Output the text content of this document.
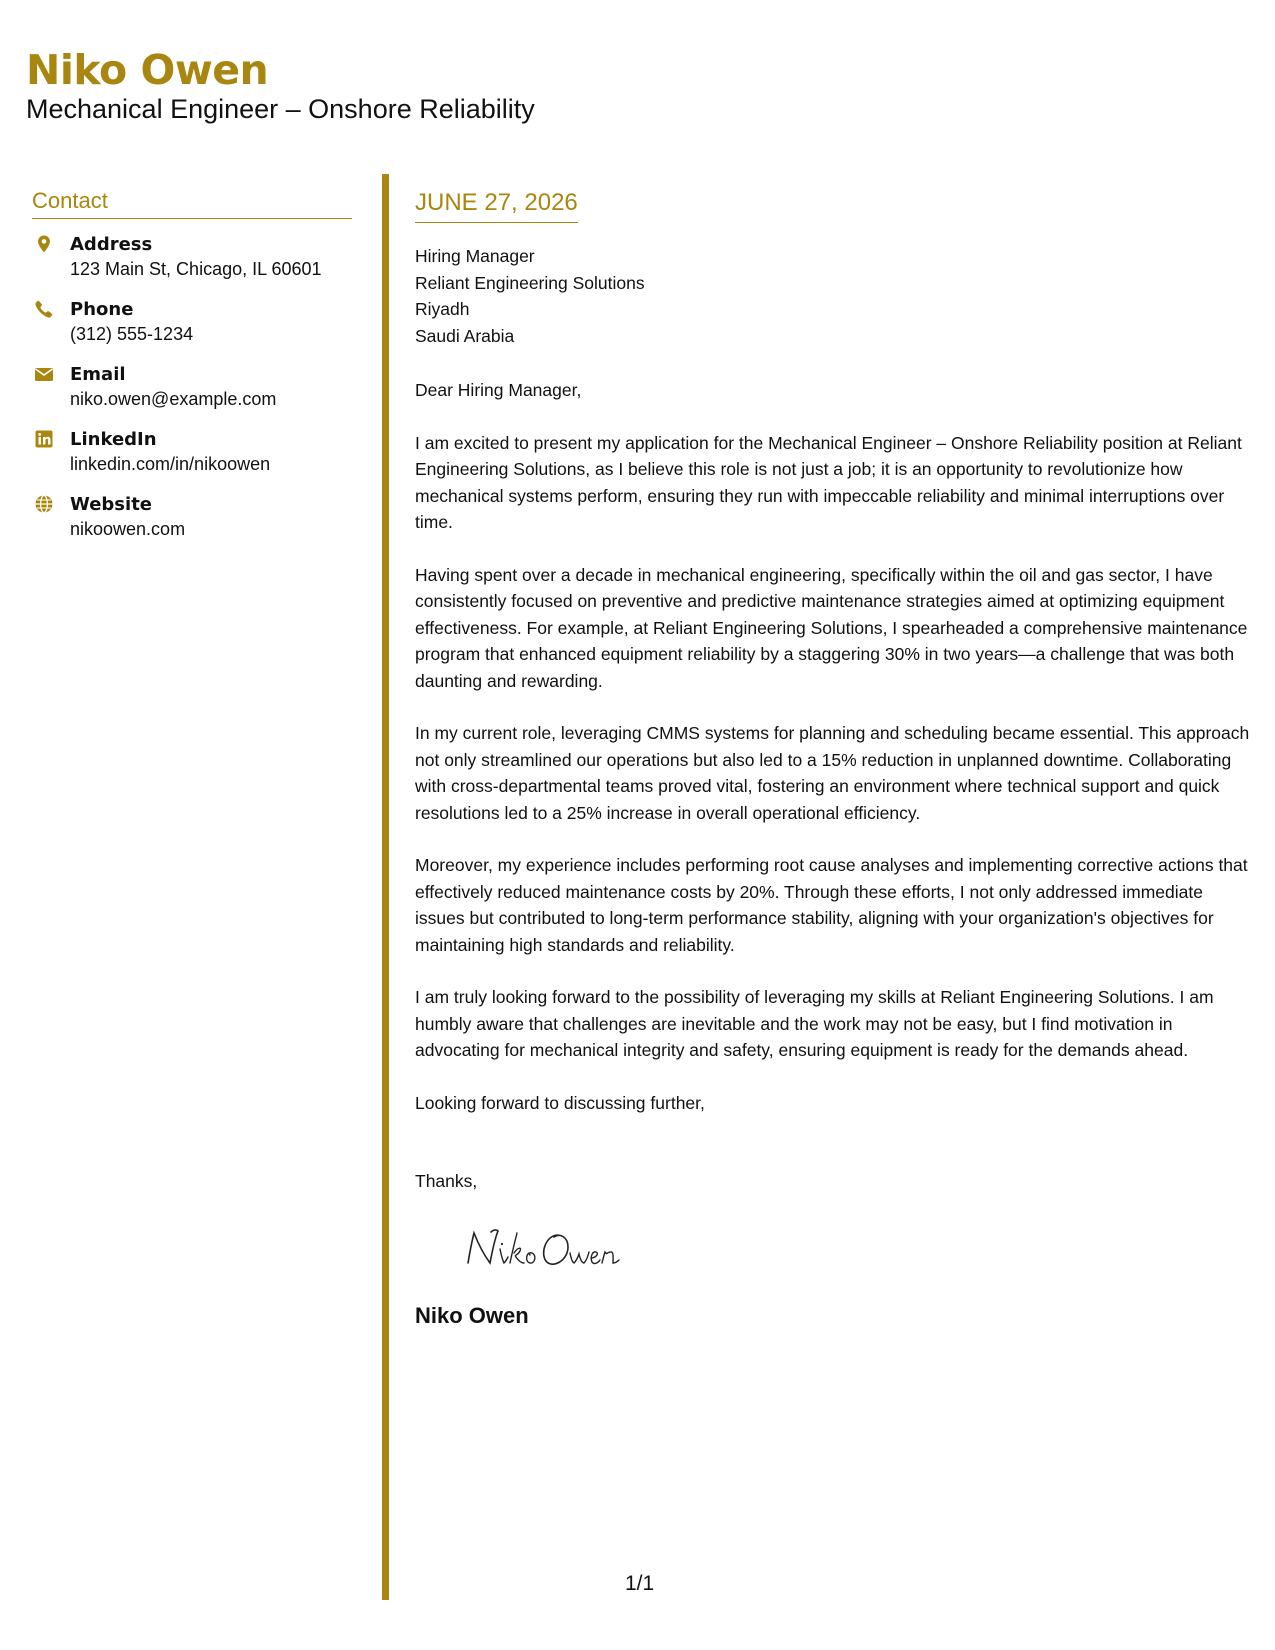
Niko Owen
Mechanical Engineer – Onshore Reliability
Contact
Address
123 Main St, Chicago, IL 60601
Phone
(312) 555-1234
Email
niko.owen@example.com
LinkedIn
linkedin.com/in/nikoowen
Website
nikoowen.com
JUNE 27, 2026
Hiring Manager
Reliant Engineering Solutions
Riyadh
Saudi Arabia

Dear Hiring Manager,

I am excited to present my application for the Mechanical Engineer – Onshore Reliability position at Reliant Engineering Solutions, as I believe this role is not just a job; it is an opportunity to revolutionize how mechanical systems perform, ensuring they run with impeccable reliability and minimal interruptions over time.

Having spent over a decade in mechanical engineering, specifically within the oil and gas sector, I have consistently focused on preventive and predictive maintenance strategies aimed at optimizing equipment effectiveness. For example, at Reliant Engineering Solutions, I spearheaded a comprehensive maintenance program that enhanced equipment reliability by a staggering 30% in two years—a challenge that was both daunting and rewarding.

In my current role, leveraging CMMS systems for planning and scheduling became essential. This approach not only streamlined our operations but also led to a 15% reduction in unplanned downtime. Collaborating with cross-departmental teams proved vital, fostering an environment where technical support and quick resolutions led to a 25% increase in overall operational efficiency.

Moreover, my experience includes performing root cause analyses and implementing corrective actions that effectively reduced maintenance costs by 20%. Through these efforts, I not only addressed immediate issues but contributed to long-term performance stability, aligning with your organization's objectives for maintaining high standards and reliability.

I am truly looking forward to the possibility of leveraging my skills at Reliant Engineering Solutions. I am humbly aware that challenges are inevitable and the work may not be easy, but I find motivation in advocating for mechanical integrity and safety, ensuring equipment is ready for the demands ahead.

Looking forward to discussing further,

Thanks,

Niko Owen
1/1
